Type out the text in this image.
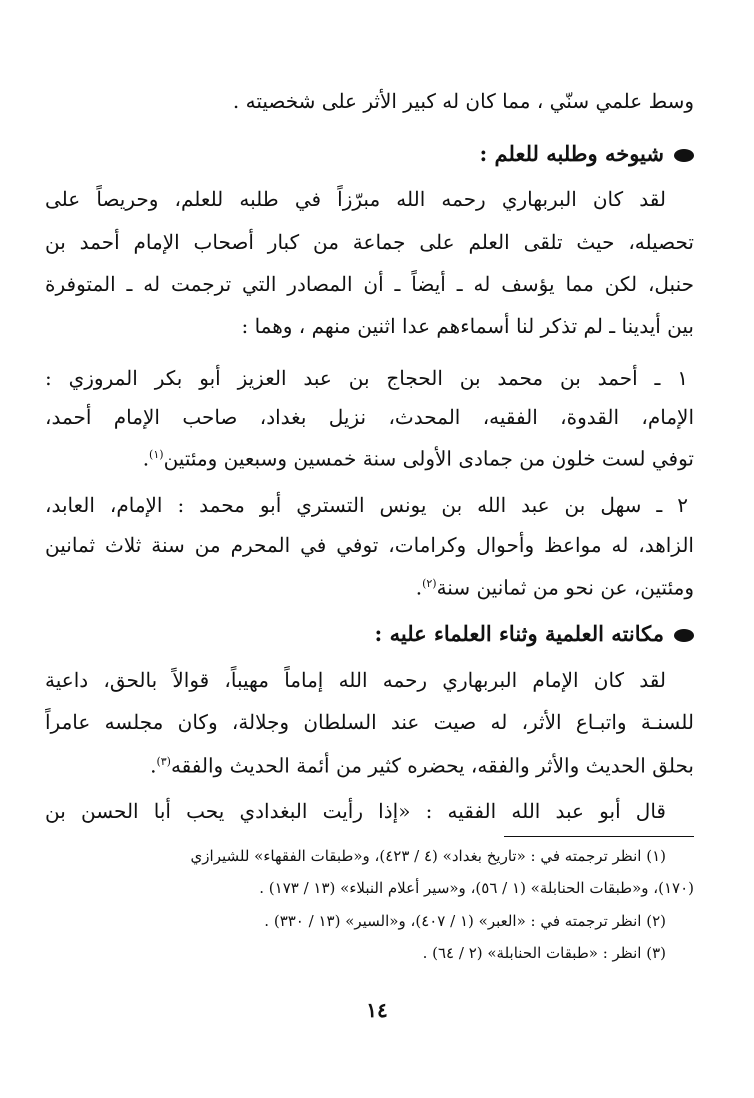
وسط علمي سنّي ، مما كان له كبير الأثر على شخصيته .
شيوخه وطلبه للعلم :
لقد كان البربهاري رحمه الله مبرّزاً في طلبه للعلم، وحريصاً على
تحصيله، حيث تلقى العلم على جماعة من كبار أصحاب الإمام أحمد بن
حنبل، لكن مما يؤسف له ـ أيضاً ـ أن المصادر التي ترجمت له ـ المتوفرة
بين أيدينا ـ لم تذكر لنا أسماءهم عدا اثنين منهم ، وهما :
١ ـ أحمد بن محمد بن الحجاج بن عبد العزيز أبو بكر المروزي :
الإمام، القدوة، الفقيه، المحدث، نزيل بغداد، صاحب الإمام أحمد،
توفي لست خلون من جمادى الأولى سنة خمسين وسبعين ومئتين$^{(١)}$.
٢ ـ سهل بن عبد الله بن يونس التستري أبو محمد : الإمام، العابد،
الزاهد، له مواعظ وأحوال وكرامات، توفي في المحرم من سنة ثلاث ثمانين
ومئتين، عن نحو من ثمانين سنة$^{(٢)}$.
مكانته العلمية وثناء العلماء عليه :
لقد كان الإمام البربهاري رحمه الله إماماً مهيباً، قوالاً بالحق، داعية
للسنـة واتبـاع الأثر، له صيت عند السلطان وجلالة، وكان مجلسه عامراً
بحلق الحديث والأثر والفقه، يحضره كثير من أئمة الحديث والفقه$^{(٣)}$.
قال أبو عبد الله الفقيه : «إذا رأيت البغدادي يحب أبا الحسن بن
(١) انظر ترجمته في : «تاريخ بغداد» (٤ / ٤٢٣)، و«طبقات الفقهاء» للشيرازي
(١٧٠)، و«طبقات الحنابلة» (١ / ٥٦)، و«سير أعلام النبلاء» (١٣ / ١٧٣) .
(٢) انظر ترجمته في : «العبر» (١ / ٤٠٧)، و«السير» (١٣ / ٣٣٠) .
(٣) انظر : «طبقات الحنابلة» (٢ / ٦٤) .
١٤
